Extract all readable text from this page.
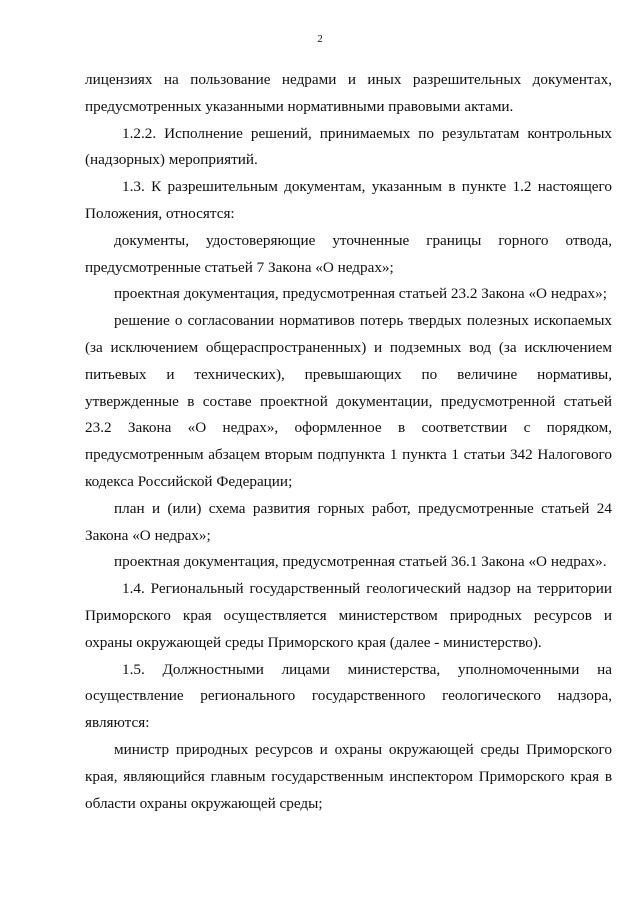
2

лицензиях на пользование недрами и иных разрешительных документах, предусмотренных указанными нормативными правовыми актами.

1.2.2. Исполнение решений, принимаемых по результатам контрольных (надзорных) мероприятий.

1.3. К разрешительным документам, указанным в пункте 1.2 настоящего Положения, относятся:

документы, удостоверяющие уточненные границы горного отвода, предусмотренные статьей 7 Закона «О недрах»;

проектная документация, предусмотренная статьей 23.2 Закона «О недрах»;

решение о согласовании нормативов потерь твердых полезных ископаемых (за исключением общераспространенных) и подземных вод (за исключением питьевых и технических), превышающих по величине нормативы, утвержденные в составе проектной документации, предусмотренной статьей 23.2 Закона «О недрах», оформленное в соответствии с порядком, предусмотренным абзацем вторым подпункта 1 пункта 1 статьи 342 Налогового кодекса Российской Федерации;

план и (или) схема развития горных работ, предусмотренные статьей 24 Закона «О недрах»;

проектная документация, предусмотренная статьей 36.1 Закона «О недрах».

1.4. Региональный государственный геологический надзор на территории Приморского края осуществляется министерством природных ресурсов и охраны окружающей среды Приморского края (далее - министерство).

1.5. Должностными лицами министерства, уполномоченными на осуществление регионального государственного геологического надзора, являются:

министр природных ресурсов и охраны окружающей среды Приморского края, являющийся главным государственным инспектором Приморского края в области охраны окружающей среды;
